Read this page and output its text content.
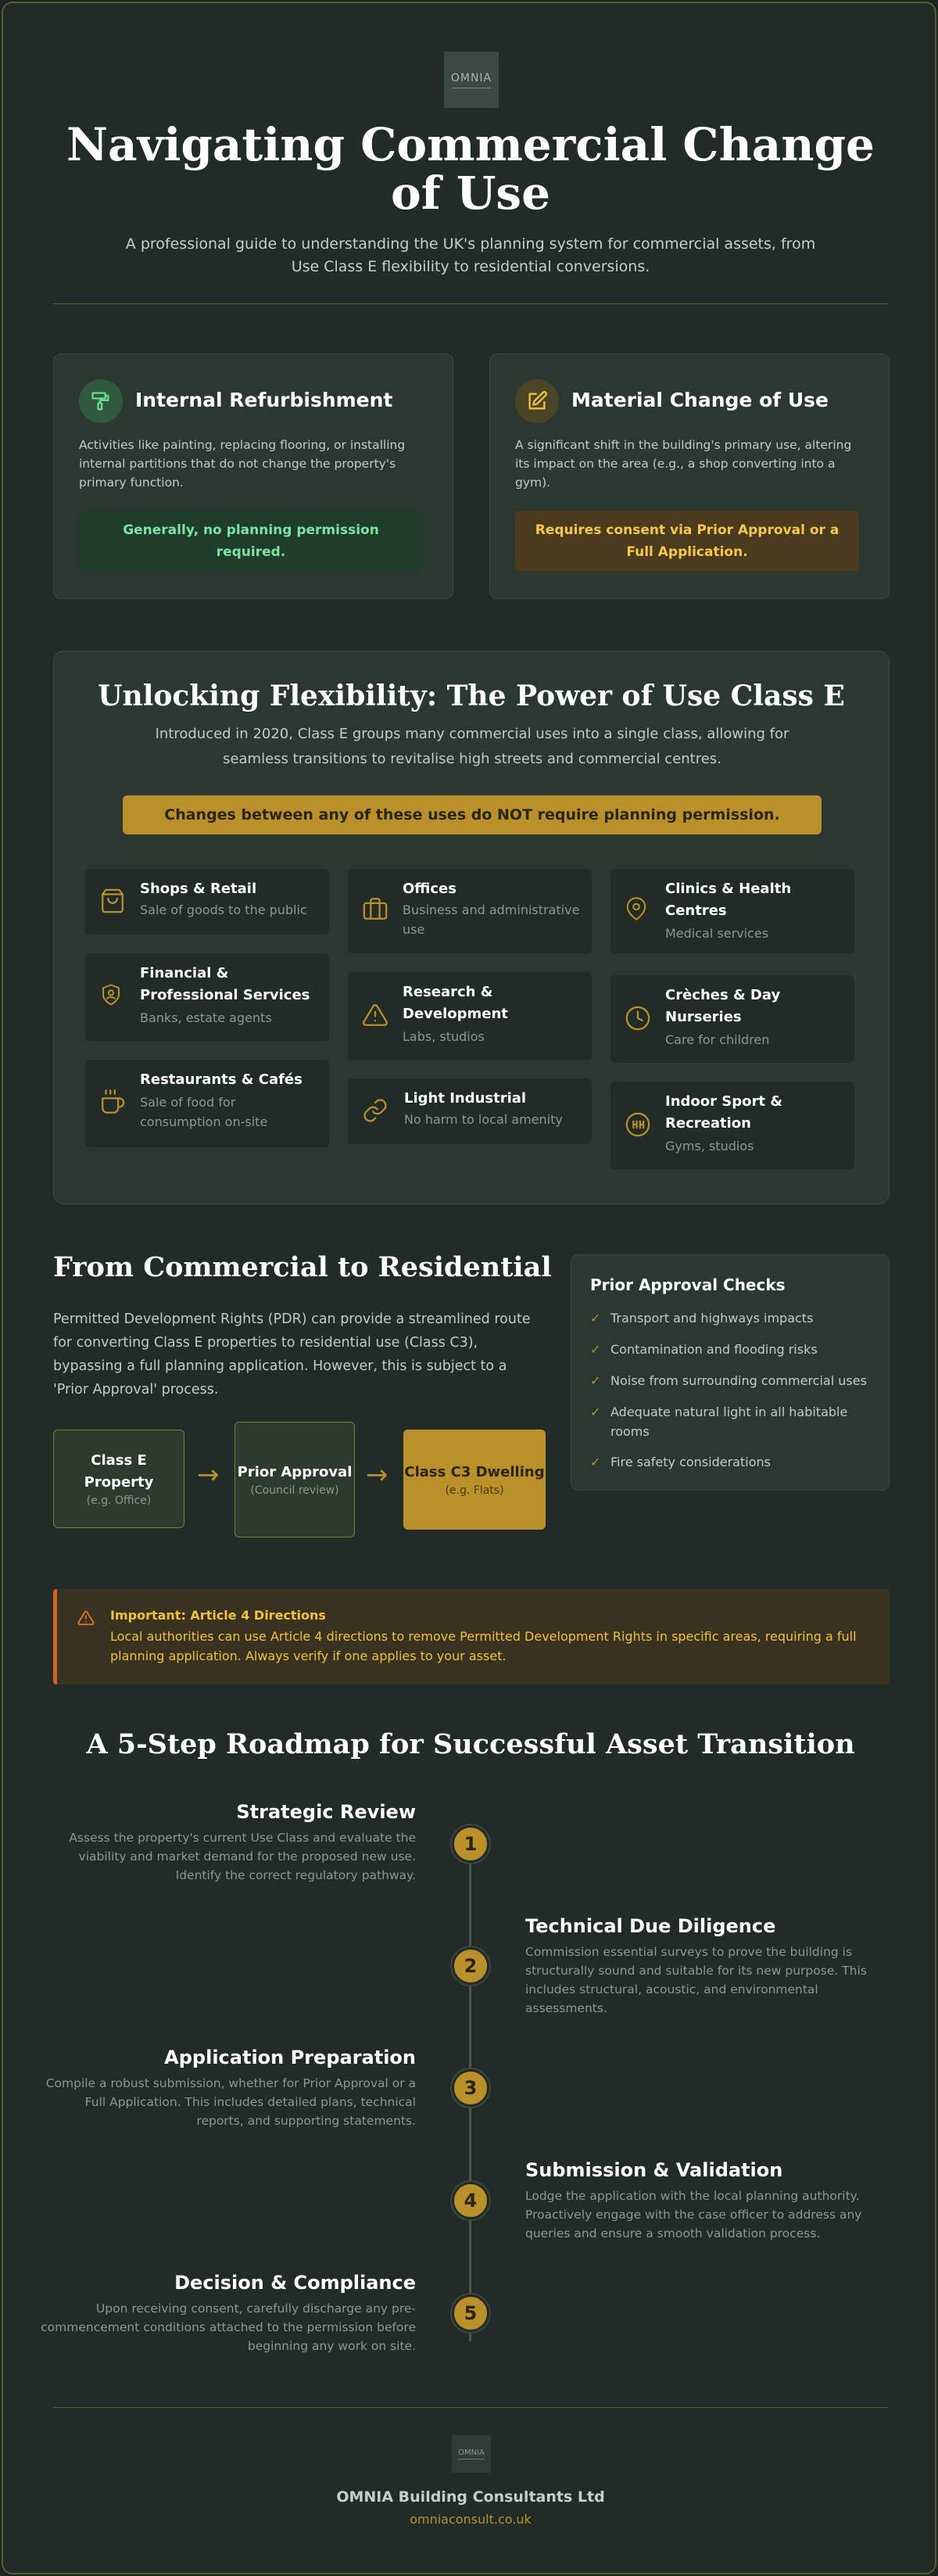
OMNIA
Navigating Commercial Change of Use

A professional guide to understanding the UK's planning system for commercial assets, from Use Class E flexibility to residential conversions.

Internal Refurbishment
Activities like painting, replacing flooring, or installing internal partitions that do not change the property's primary function.
Generally, no planning permission required.
Material Change of Use
A significant shift in the building's primary use, altering its impact on the area (e.g., a shop converting into a gym).
Requires consent via Prior Approval or a Full Application.
Unlocking Flexibility: The Power of Use Class E

Introduced in 2020, Class E groups many commercial uses into a single class, allowing for seamless transitions to revitalise high streets and commercial centres.

Changes between any of these uses do NOT require planning permission.
Shops & Retail
Sale of goods to the public
Financial & Professional Services
Banks, estate agents
Restaurants & Cafés
Sale of food for consumption on-site
Offices
Business and administrative use
Research & Development
Labs, studios
Light Industrial
No harm to local amenity
Clinics & Health Centres
Medical services
Crèches & Day Nurseries
Care for children
Indoor Sport & Recreation
Gyms, studios
From Commercial to Residential

Permitted Development Rights (PDR) can provide a streamlined route for converting Class E properties to residential use (Class C3), bypassing a full planning application. However, this is subject to a 'Prior Approval' process.

Class E Property
(e.g. Office)
→ Prior Approval
(Council review) → Class C3 Dwelling
(e.g. Flats)
Prior Approval Checks
✓ Transport and highways impacts
✓ Contamination and flooding risks
✓ Noise from surrounding commercial uses
✓ Adequate natural light in all habitable rooms
✓ Fire safety considerations
Important: Article 4 Directions
Local authorities can use Article 4 directions to remove Permitted Development Rights in specific areas, requiring a full planning application. Always verify if one applies to your asset.
A 5-Step Roadmap for Successful Asset Transition
1
2
3
4
5
Strategic Review
Assess the property's current Use Class and evaluate the viability and market demand for the proposed new use. Identify the correct regulatory pathway.
Technical Due Diligence
Commission essential surveys to prove the building is structurally sound and suitable for its new purpose. This includes structural, acoustic, and environmental assessments.
Application Preparation
Compile a robust submission, whether for Prior Approval or a Full Application. This includes detailed plans, technical reports, and supporting statements.
Submission & Validation
Lodge the application with the local planning authority. Proactively engage with the case officer to address any queries and ensure a smooth validation process.
Decision & Compliance
Upon receiving consent, carefully discharge any pre-commencement conditions attached to the permission before beginning any work on site.
OMNIA
OMNIA Building Consultants Ltd
omniaconsult.co.uk
